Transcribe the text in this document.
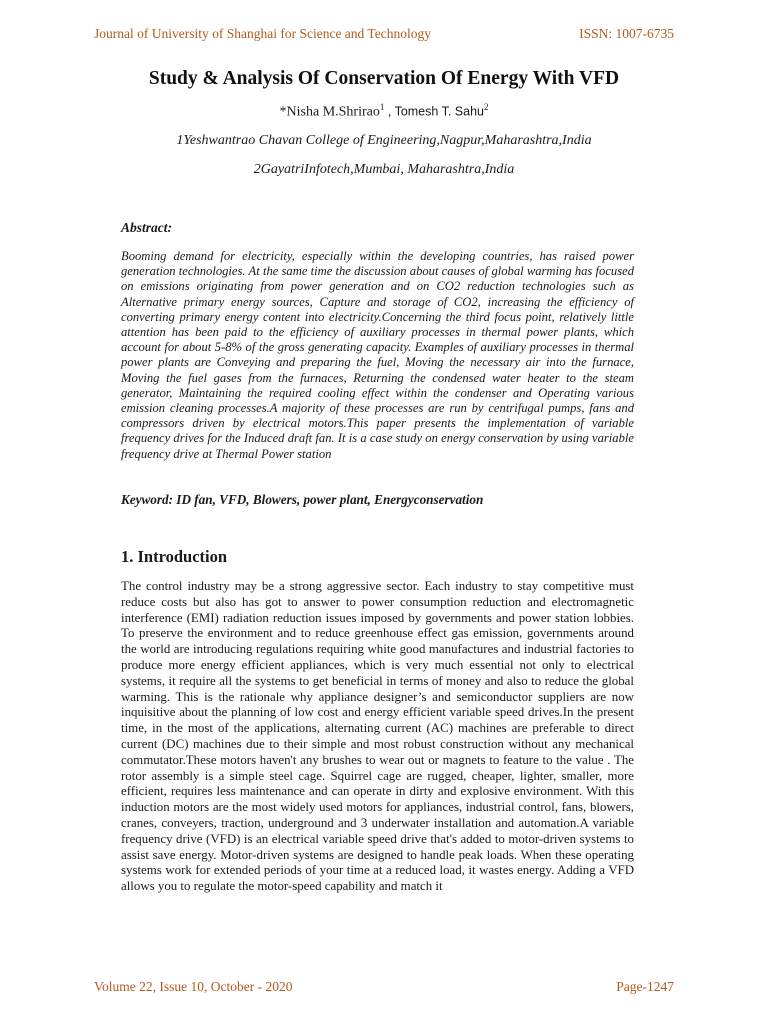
Journal of University of Shanghai for Science and Technology	ISSN: 1007-6735
Study & Analysis Of Conservation Of Energy With VFD
*Nisha M.Shrirao$^1$ , Tomesh T. Sahu$^2$
1Yeshwantrao Chavan College of Engineering,Nagpur,Maharashtra,India
2GayatriInfotech,Mumbai, Maharashtra,India
Abstract:

Booming demand for electricity, especially within the developing countries, has raised power generation technologies. At the same time the discussion about causes of global warming has focused on emissions originating from power generation and on CO2 reduction technologies such as Alternative primary energy sources, Capture and storage of CO2, increasing the efficiency of converting primary energy content into electricity.Concerning the third focus point, relatively little attention has been paid to the efficiency of auxiliary processes in thermal power plants, which account for about 5-8% of the gross generating capacity. Examples of auxiliary processes in thermal power plants are Conveying and preparing the fuel, Moving the necessary air into the furnace, Moving the fuel gases from the furnaces, Returning the condensed water heater to the steam generator, Maintaining the required cooling effect within the condenser and Operating various emission cleaning processes.A majority of these processes are run by centrifugal pumps, fans and compressors driven by electrical motors.This paper presents the implementation of variable frequency drives for the Induced draft fan. It is a case study on energy conservation by using variable frequency drive at Thermal Power station

Keyword: ID fan, VFD, Blowers, power plant, Energyconservation
1. Introduction

The control industry may be a strong aggressive sector. Each industry to stay competitive must reduce costs but also has got to answer to power consumption reduction and electromagnetic interference (EMI) radiation reduction issues imposed by governments and power station lobbies. To preserve the environment and to reduce greenhouse effect gas emission, governments around the world are introducing regulations requiring white good manufactures and industrial factories to produce more energy efficient appliances, which is very much essential not only to electrical systems, it require all the systems to get beneficial in terms of money and also to reduce the global warming. This is the rationale why appliance designer’s and semiconductor suppliers are now inquisitive about the planning of low cost and energy efficient variable speed drives.In the present time, in the most of the applications, alternating current (AC) machines are preferable to direct current (DC) machines due to their simple and most robust construction without any mechanical commutator.These motors haven't any brushes to wear out or magnets to feature to the value . The rotor assembly is a simple steel cage. Squirrel cage are rugged, cheaper, lighter, smaller, more efficient, requires less maintenance and can operate in dirty and explosive environment. With this induction motors are the most widely used motors for appliances, industrial control, fans, blowers, cranes, conveyers, traction, underground and 3 underwater installation and automation.A variable frequency drive (VFD) is an electrical variable speed drive that's added to motor-driven systems to assist save energy. Motor-driven systems are designed to handle peak loads. When these operating systems work for extended periods of your time at a reduced load, it wastes energy. Adding a VFD allows you to regulate the motor-speed capability and match it

Volume 22, Issue 10, October - 2020	Page-1247
